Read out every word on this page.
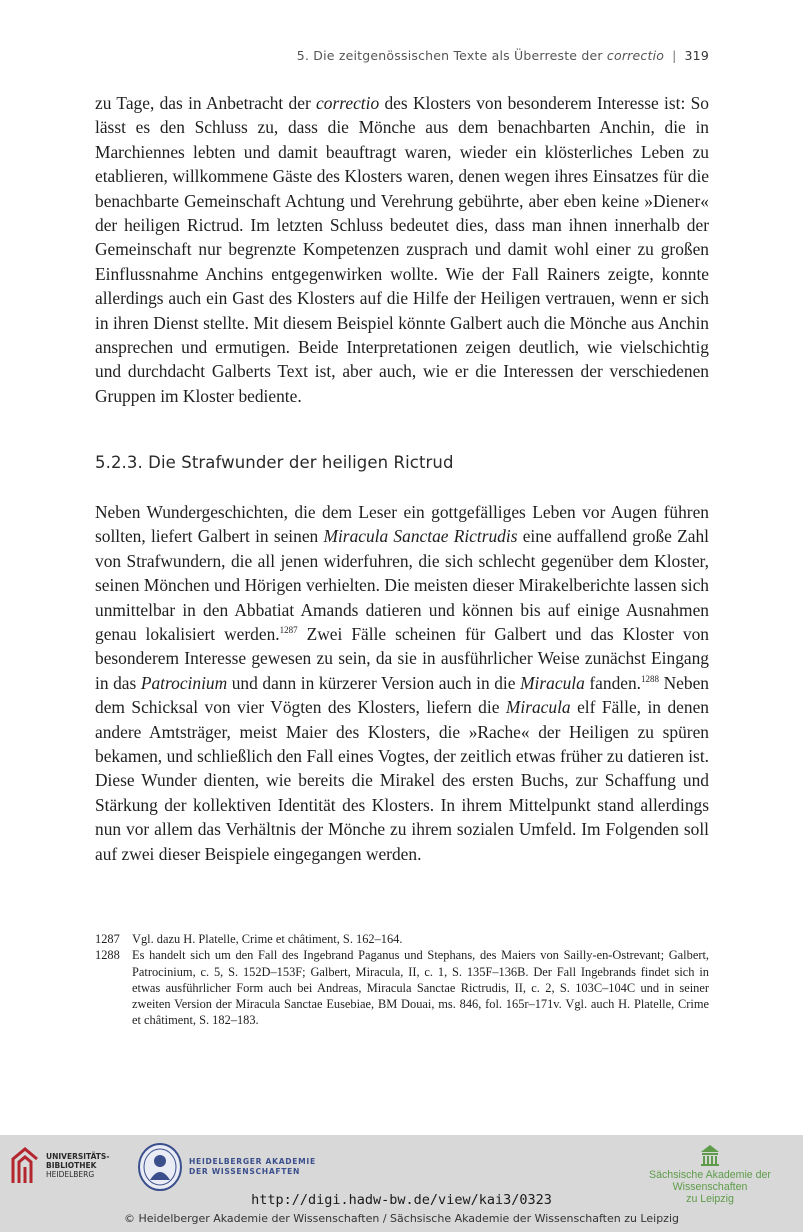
5. Die zeitgenössischen Texte als Überreste der correctio | 319

zu Tage, das in Anbetracht der correctio des Klosters von besonderem Interesse ist: So lässt es den Schluss zu, dass die Mönche aus dem benachbarten Anchin, die in Marchiennes lebten und damit beauftragt waren, wieder ein klösterliches Leben zu etablieren, willkommene Gäste des Klosters waren, denen wegen ihres Einsatzes für die benachbarte Gemeinschaft Achtung und Verehrung gebührte, aber eben keine »Diener« der heiligen Rictrud. Im letzten Schluss bedeutet dies, dass man ihnen innerhalb der Gemeinschaft nur begrenzte Kompetenzen zusprach und damit wohl einer zu großen Einflussnahme Anchins entgegenwirken wollte. Wie der Fall Rainers zeigte, konnte allerdings auch ein Gast des Klosters auf die Hilfe der Heiligen vertrauen, wenn er sich in ihren Dienst stellte. Mit diesem Beispiel könnte Galbert auch die Mönche aus Anchin ansprechen und ermutigen. Beide Interpretationen zeigen deutlich, wie vielschichtig und durchdacht Galberts Text ist, aber auch, wie er die Interessen der verschiedenen Gruppen im Kloster bediente.

5.2.3. Die Strafwunder der heiligen Rictrud

Neben Wundergeschichten, die dem Leser ein gottgefälliges Leben vor Augen führen sollten, liefert Galbert in seinen Miracula Sanctae Rictrudis eine auffallend große Zahl von Strafwundern, die all jenen widerfuhren, die sich schlecht gegenüber dem Kloster, seinen Mönchen und Hörigen verhielten. Die meisten dieser Mirakelberichte lassen sich unmittelbar in den Abbatiat Amands datieren und können bis auf einige Ausnahmen genau lokalisiert werden.$^{1287}$ Zwei Fälle scheinen für Galbert und das Kloster von besonderem Interesse gewesen zu sein, da sie in ausführlicher Weise zunächst Eingang in das Patrocinium und dann in kürzerer Version auch in die Miracula fanden.$^{1288}$ Neben dem Schicksal von vier Vögten des Klosters, liefern die Miracula elf Fälle, in denen andere Amtsträger, meist Maier des Klosters, die »Rache« der Heiligen zu spüren bekamen, und schließlich den Fall eines Vogtes, der zeitlich etwas früher zu datieren ist. Diese Wunder dienten, wie bereits die Mirakel des ersten Buchs, zur Schaffung und Stärkung der kollektiven Identität des Klosters. In ihrem Mittelpunkt stand allerdings nun vor allem das Verhältnis der Mönche zu ihrem sozialen Umfeld. Im Folgenden soll auf zwei dieser Beispiele eingegangen werden.

1287 Vgl. dazu H. Platelle, Crime et châtiment, S. 162–164.
1288 Es handelt sich um den Fall des Ingebrand Paganus und Stephans, des Maiers von Sailly-en-Ostrevant; Galbert, Patrocinium, c. 5, S. 152D–153F; Galbert, Miracula, II, c. 1, S. 135F–136B. Der Fall Ingebrands findet sich in etwas ausführlicher Form auch bei Andreas, Miracula Sanctae Rictrudis, II, c. 2, S. 103C–104C und in seiner zweiten Version der Miracula Sanctae Eusebiae, BM Douai, ms. 846, fol. 165r–171v. Vgl. auch H. Platelle, Crime et châtiment, S. 182–183.
UNIVERSITÄTS-
BIBLIOTHEK
HEIDELBERG
HEIDELBERGER AKADEMIE
DER WISSENSCHAFTEN	Sächsische Akademie der Wissenschaften
zu Leipzig
http://digi.hadw-bw.de/view/kai3/0323
© Heidelberger Akademie der Wissenschaften / Sächsische Akademie der Wissenschaften zu Leipzig
